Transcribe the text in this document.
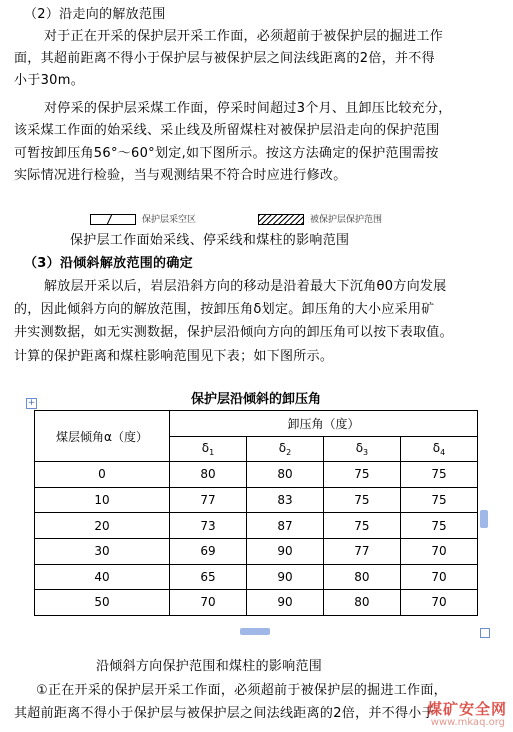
（2）沿走向的解放范围
对于正在开采的保护层开采工作面，必须超前于被保护层的掘进工作
面，其超前距离不得小于保护层与被保护层之间法线距离的2倍，并不得
小于30m。
对停采的保护层采煤工作面，停采时间超过3个月、且卸压比较充分，
该采煤工作面的始采线、采止线及所留煤柱对被保护层沿走向的保护范围
可暂按卸压角56°～60°划定,如下图所示。按这方法确定的保护范围需按
实际情况进行检验，当与观测结果不符合时应进行修改。
保护层采空区	被保护层保护范围
保护层工作面始采线、停采线和煤柱的影响范围
（3）沿倾斜解放范围的确定
解放层开采以后，岩层沿斜方向的移动是沿着最大下沉角θ0方向发展
的，因此倾斜方向的解放范围，按卸压角δ划定。卸压角的大小应采用矿
井实测数据，如无实测数据，保护层沿倾向方向的卸压角可以按下表取值。
计算的保护距离和煤柱影响范围见下表；如下图所示。
+	保护层沿倾斜的卸压角
煤层倾角α（度）	卸压角（度）			
	$\delta_1$	$\delta_2$	$\delta_3$	$\delta_4$
0	80	80	75	75
10	77	83	75	75
20	73	87	75	75
30	69	90	77	70
40	65	90	80	70
50	70	90	80	70
沿倾斜方向保护范围和煤柱的影响范围
①正在开采的保护层开采工作面，必须超前于被保护层的掘进工作面，
其超前距离不得小于保护层与被保护层之间法线距离的2倍，并不得小于
煤矿安全网
www.mkaq.org
